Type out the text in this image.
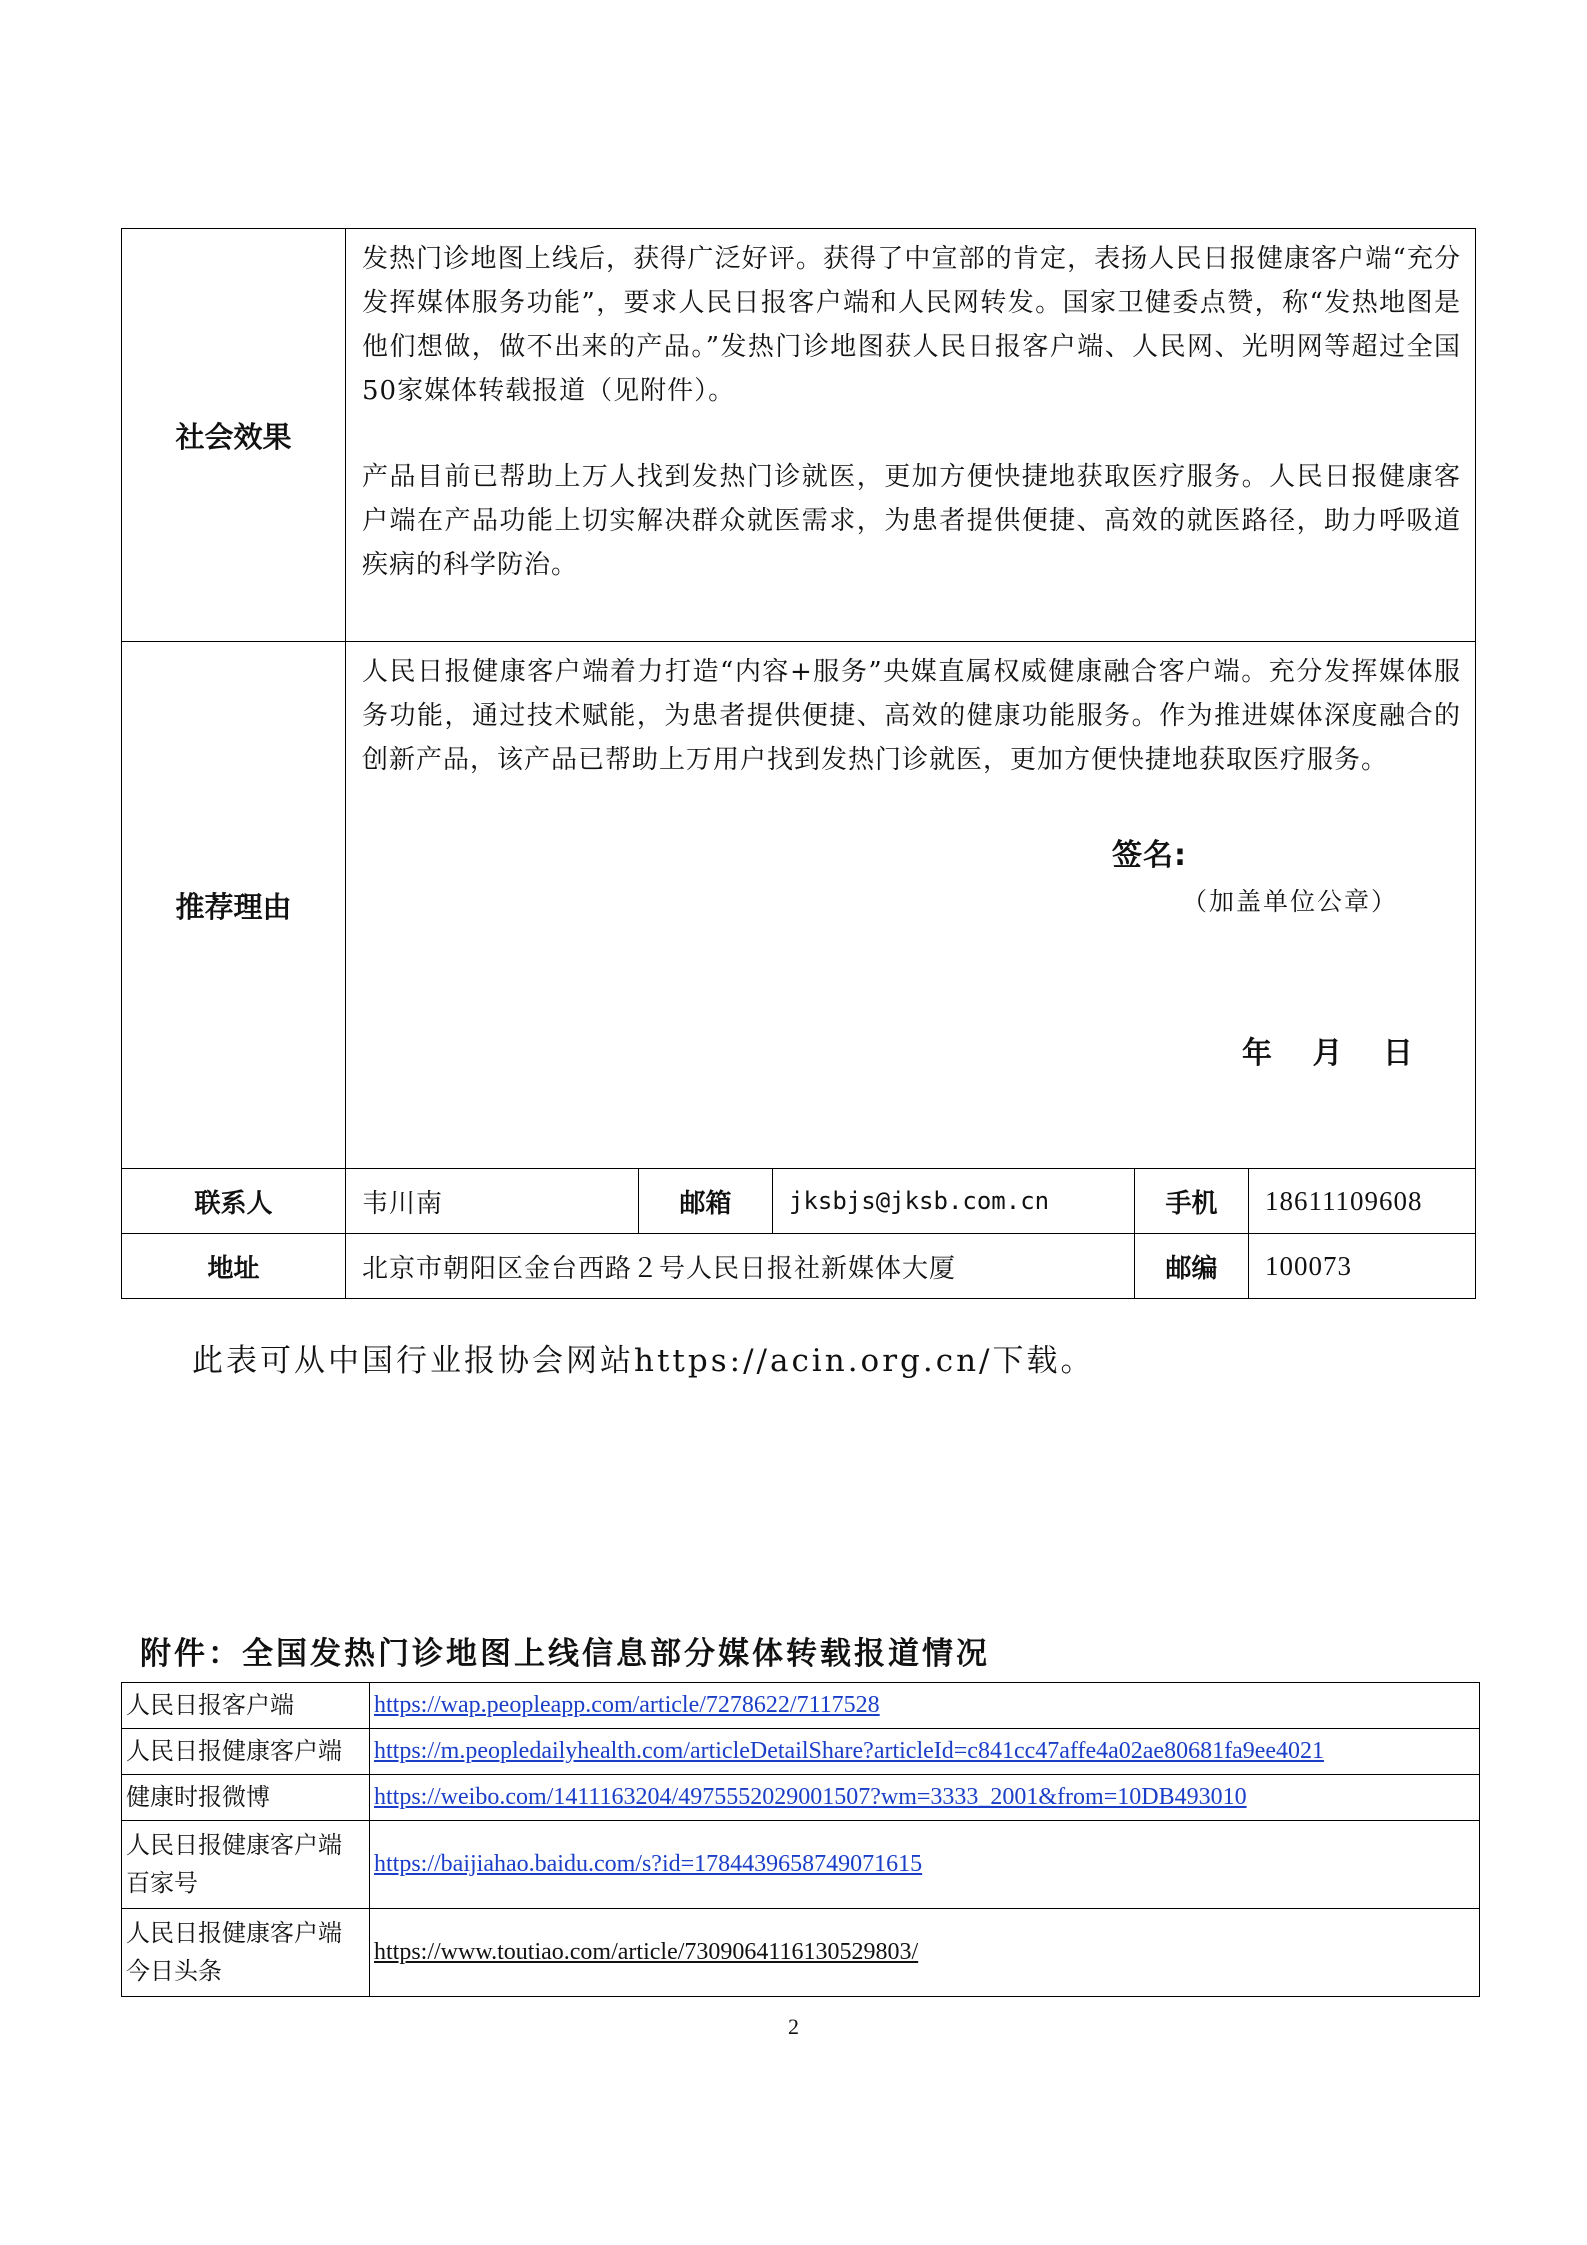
社会效果	发热门诊地图上线后，获得广泛好评。获得了中宣部的肯定，表扬人民日报健康客户端“充分发挥媒体服务功能”，要求人民日报客户端和人民网转发。国家卫健委点赞，称“发热地图是他们想做，做不出来的产品。”发热门诊地图获人民日报客户端、人民网、光明网等超过全国50家媒体转载报道（见附件）。

产品目前已帮助上万人找到发热门诊就医，更加方便快捷地获取医疗服务。人民日报健康客户端在产品功能上切实解决群众就医需求，为患者提供便捷、高效的就医路径，助力呼吸道疾病的科学防治。				

推荐理由	人民日报健康客户端着力打造“内容+服务”央媒直属权威健康融合客户端。充分发挥媒体服务功能，通过技术赋能，为患者提供便捷、高效的健康功能服务。作为推进媒体深度融合的创新产品，该产品已帮助上万用户找到发热门诊就医，更加方便快捷地获取医疗服务。

签名:
（加盖单位公章）
年 月 日				

联系人	韦川南	邮箱	jksbjs@jksb.com.cn	手机	18611109608
地址	北京市朝阳区金台西路２号人民日报社新媒体大厦			邮编	100073
此表可从中国行业报协会网站https://acin.org.cn/下载。
附件：全国发热门诊地图上线信息部分媒体转载报道情况
人民日报客户端	https://wap.peopleapp.com/article/7278622/7117528
人民日报健康客户端	https://m.peopledailyhealth.com/articleDetailShare?articleId=c841cc47affe4a02ae80681fa9ee4021
健康时报微博	https://weibo.com/1411163204/4975552029001507?wm=3333_2001&from=10DB493010
人民日报健康客户端百家号	https://baijiahao.baidu.com/s?id=1784439658749071615
人民日报健康客户端今日头条	https://www.toutiao.com/article/7309064116130529803/
2
